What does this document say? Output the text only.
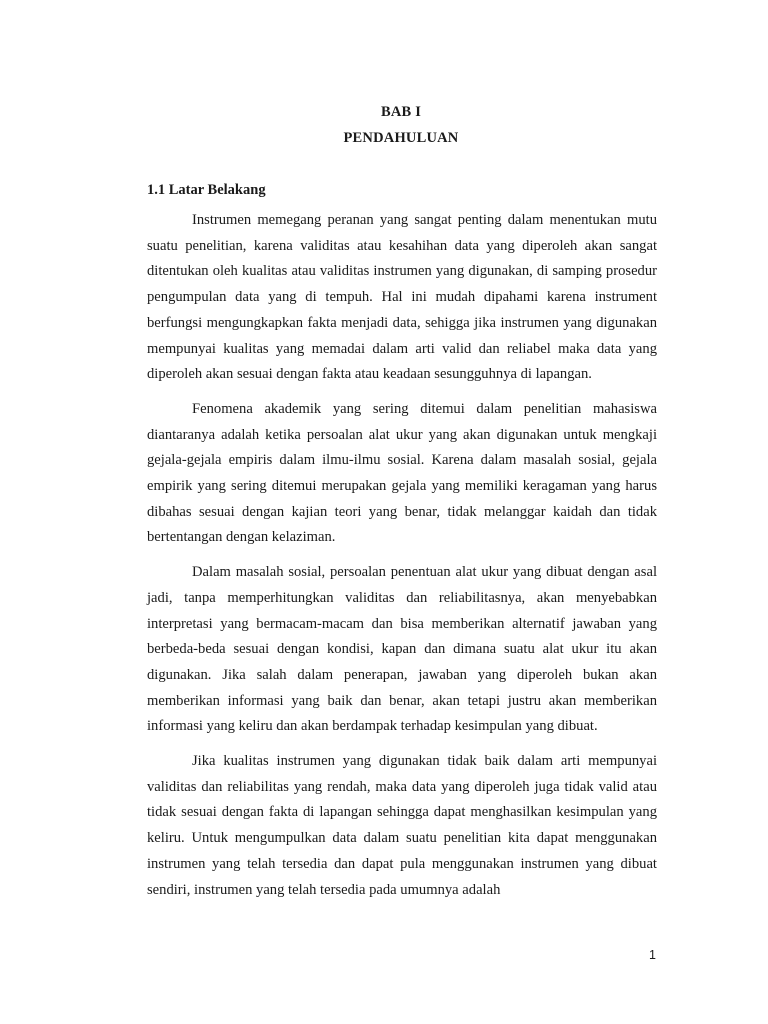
BAB I
PENDAHULUAN
1.1 Latar Belakang

Instrumen memegang peranan yang sangat penting dalam menentukan mutu suatu penelitian, karena validitas atau kesahihan data yang diperoleh akan sangat ditentukan oleh kualitas atau validitas instrumen yang digunakan, di samping prosedur pengumpulan data yang di tempuh. Hal ini mudah dipahami karena instrument berfungsi mengungkapkan fakta menjadi data, sehigga jika instrumen yang digunakan mempunyai kualitas yang memadai dalam arti valid dan reliabel maka data yang diperoleh akan sesuai dengan fakta atau keadaan sesungguhnya di lapangan.

Fenomena akademik yang sering ditemui dalam penelitian mahasiswa diantaranya adalah ketika persoalan alat ukur yang akan digunakan untuk mengkaji gejala-gejala empiris dalam ilmu-ilmu sosial. Karena dalam masalah sosial, gejala empirik yang sering ditemui merupakan gejala yang memiliki keragaman yang harus dibahas sesuai dengan kajian teori yang benar, tidak melanggar kaidah dan tidak bertentangan dengan kelaziman.

Dalam masalah sosial, persoalan penentuan alat ukur yang dibuat dengan asal jadi, tanpa memperhitungkan validitas dan reliabilitasnya, akan menyebabkan interpretasi yang bermacam-macam dan bisa memberikan alternatif jawaban yang berbeda-beda sesuai dengan kondisi, kapan dan dimana suatu alat ukur itu akan digunakan. Jika salah dalam penerapan, jawaban yang diperoleh bukan akan memberikan informasi yang baik dan benar, akan tetapi justru akan memberikan informasi yang keliru dan akan berdampak terhadap kesimpulan yang dibuat.

Jika kualitas instrumen yang digunakan tidak baik dalam arti mempunyai validitas dan reliabilitas yang rendah, maka data yang diperoleh juga tidak valid atau tidak sesuai dengan fakta di lapangan sehingga dapat menghasilkan kesimpulan yang keliru. Untuk mengumpulkan data dalam suatu penelitian kita dapat menggunakan instrumen yang telah tersedia dan dapat pula menggunakan instrumen yang dibuat sendiri, instrumen yang telah tersedia pada umumnya adalah

1
